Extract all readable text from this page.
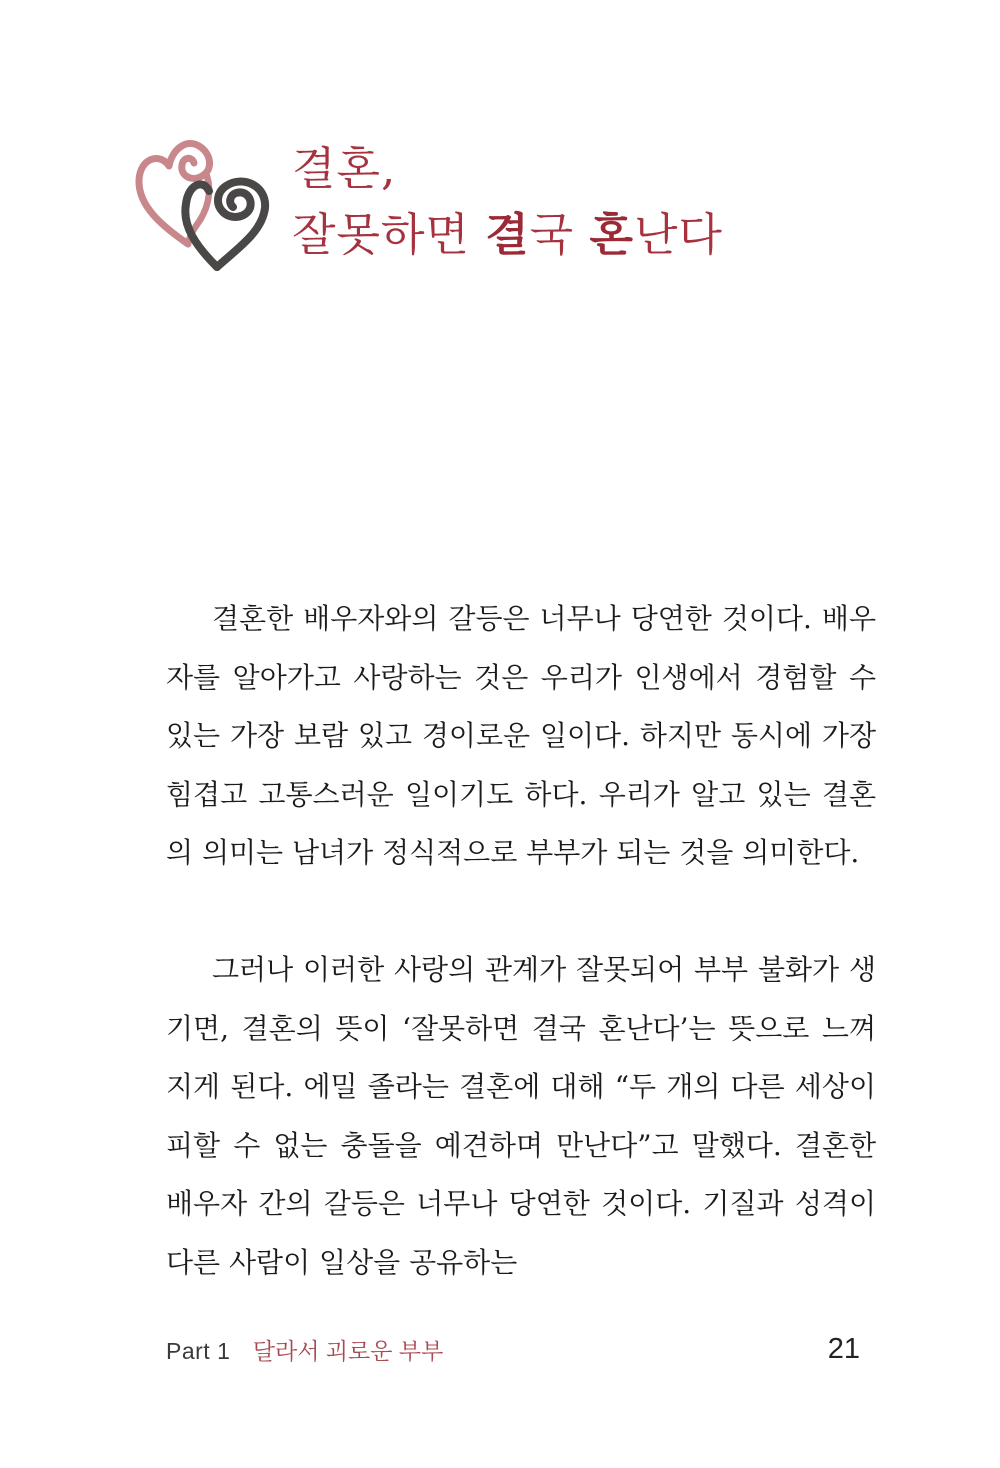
결혼,
잘못하면 결국 혼난다

결혼한 배우자와의 갈등은 너무나 당연한 것이다. 배우자를 알아가고 사랑하는 것은 우리가 인생에서 경험할 수 있는 가장 보람 있고 경이로운 일이다. 하지만 동시에 가장 힘겹고 고통스러운 일이기도 하다. 우리가 알고 있는 결혼의 의미는 남녀가 정식적으로 부부가 되는 것을 의미한다.

그러나 이러한 사랑의 관계가 잘못되어 부부 불화가 생기면, 결혼의 뜻이 ‘잘못하면 결국 혼난다’는 뜻으로 느껴지게 된다. 에밀 졸라는 결혼에 대해 “두 개의 다른 세상이 피할 수 없는 충돌을 예견하며 만난다”고 말했다. 결혼한 배우자 간의 갈등은 너무나 당연한 것이다. 기질과 성격이 다른 사람이 일상을 공유하는

Part 1 달라서 괴로운 부부	21
